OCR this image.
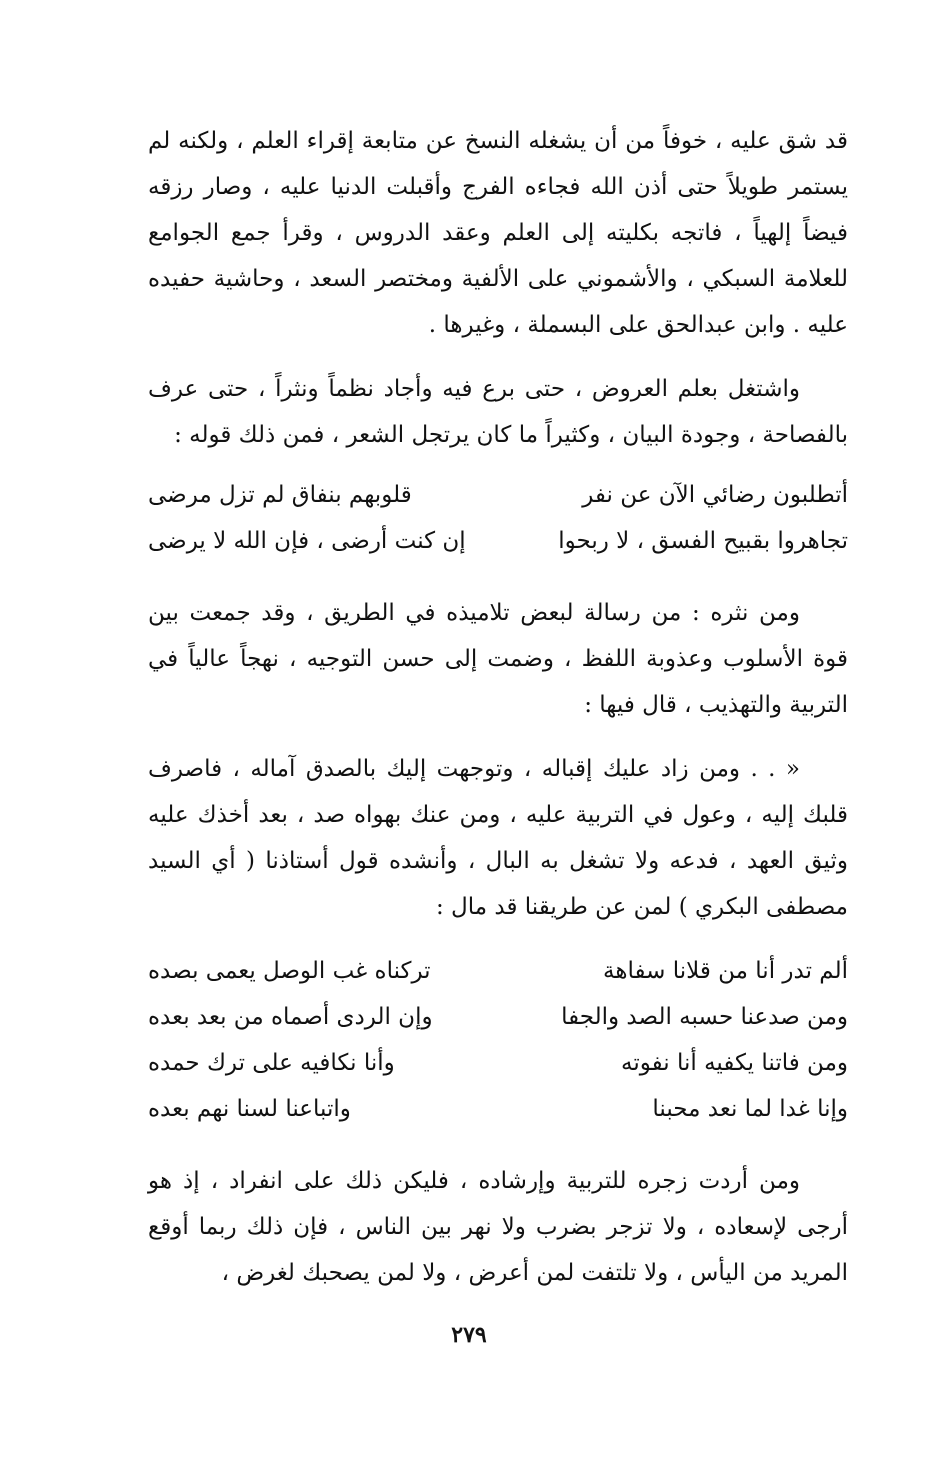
قد شق عليه ، خوفاً من أن يشغله النسخ عن متابعة إقراء العلم ، ولكنه لم يستمر طويلاً حتى أذن الله فجاءه الفرج وأقبلت الدنيا عليه ، وصار رزقه فيضاً إلهياً ، فاتجه بكليته إلى العلم وعقد الدروس ، وقرأ جمع الجوامع للعلامة السبكي ، والأشموني على الألفية ومختصر السعد ، وحاشية حفيده عليه . وابن عبدالحق على البسملة ، وغيرها .

واشتغل بعلم العروض ، حتى برع فيه وأجاد نظماً ونثراً ، حتى عرف بالفصاحة ، وجودة البيان ، وكثيراً ما كان يرتجل الشعر ، فمن ذلك قوله :

أتطلبون رضائي الآن عن نفر
قلوبهم بنفاق لم تزل مرضى
تجاهروا بقبيح الفسق ، لا ربحوا
إن كنت أرضى ، فإن الله لا يرضى

ومن نثره : من رسالة لبعض تلاميذه في الطريق ، وقد جمعت بين قوة الأسلوب وعذوبة اللفظ ، وضمت إلى حسن التوجيه ، نهجاً عالياً في التربية والتهذيب ، قال فيها :

« . . ومن زاد عليك إقباله ، وتوجهت إليك بالصدق آماله ، فاصرف قلبك إليه ، وعول في التربية عليه ، ومن عنك بهواه صد ، بعد أخذك عليه وثيق العهد ، فدعه ولا تشغل به البال ، وأنشده قول أستاذنا ( أي السيد مصطفى البكري ) لمن عن طريقنا قد مال :

ألم تدر أنا من قلانا سفاهة
تركناه غب الوصل يعمى بصده
ومن صدعنا حسبه الصد والجفا
وإن الردى أصماه من بعد بعده
ومن فاتنا يكفيه أنا نفوته
وأنا نكافيه على ترك حمده
وإنا غدا لما نعد محبنا
واتباعنا لسنا نهم بعده

ومن أردت زجره للتربية وإرشاده ، فليكن ذلك على انفراد ، إذ هو أرجى لإسعاده ، ولا تزجر بضرب ولا نهر بين الناس ، فإن ذلك ربما أوقع المريد من اليأس ، ولا تلتفت لمن أعرض ، ولا لمن يصحبك لغرض ،

٢٧٩
